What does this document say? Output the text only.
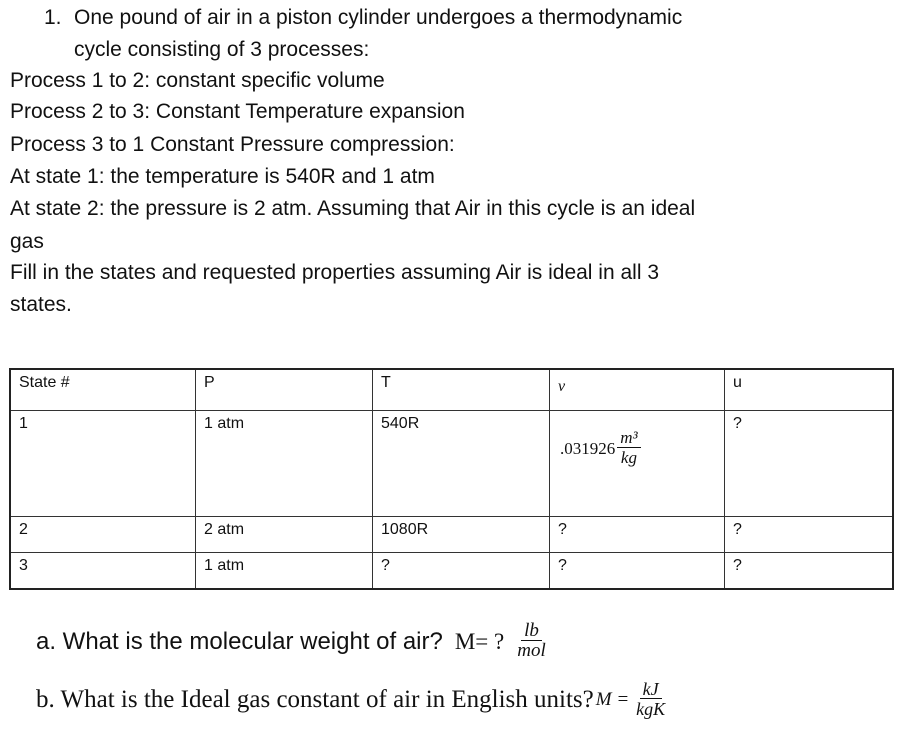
1. One pound of air in a piston cylinder undergoes a thermodynamic
cycle consisting of 3 processes:
Process 1 to 2: constant specific volume
Process 2 to 3: Constant Temperature expansion
Process 3 to 1 Constant Pressure compression:
At state 1: the temperature is 540R and 1 atm
At state 2: the pressure is 2 atm. Assuming that Air in this cycle is an ideal
gas
Fill in the states and requested properties assuming Air is ideal in all 3
states.
State #	P	T	v	u
1	1 atm	540R	$.031926 \frac{\text{m³}}{kg}$	?
2	2 atm	1080R	?	?
3	1 atm	?	?	?
a. What is the molecular weight of air? M= ? $\frac{lb}{\text{mol}}$
b. What is the Ideal gas constant of air in English units? $M = \frac{kJ}{\text{kgK}}$
